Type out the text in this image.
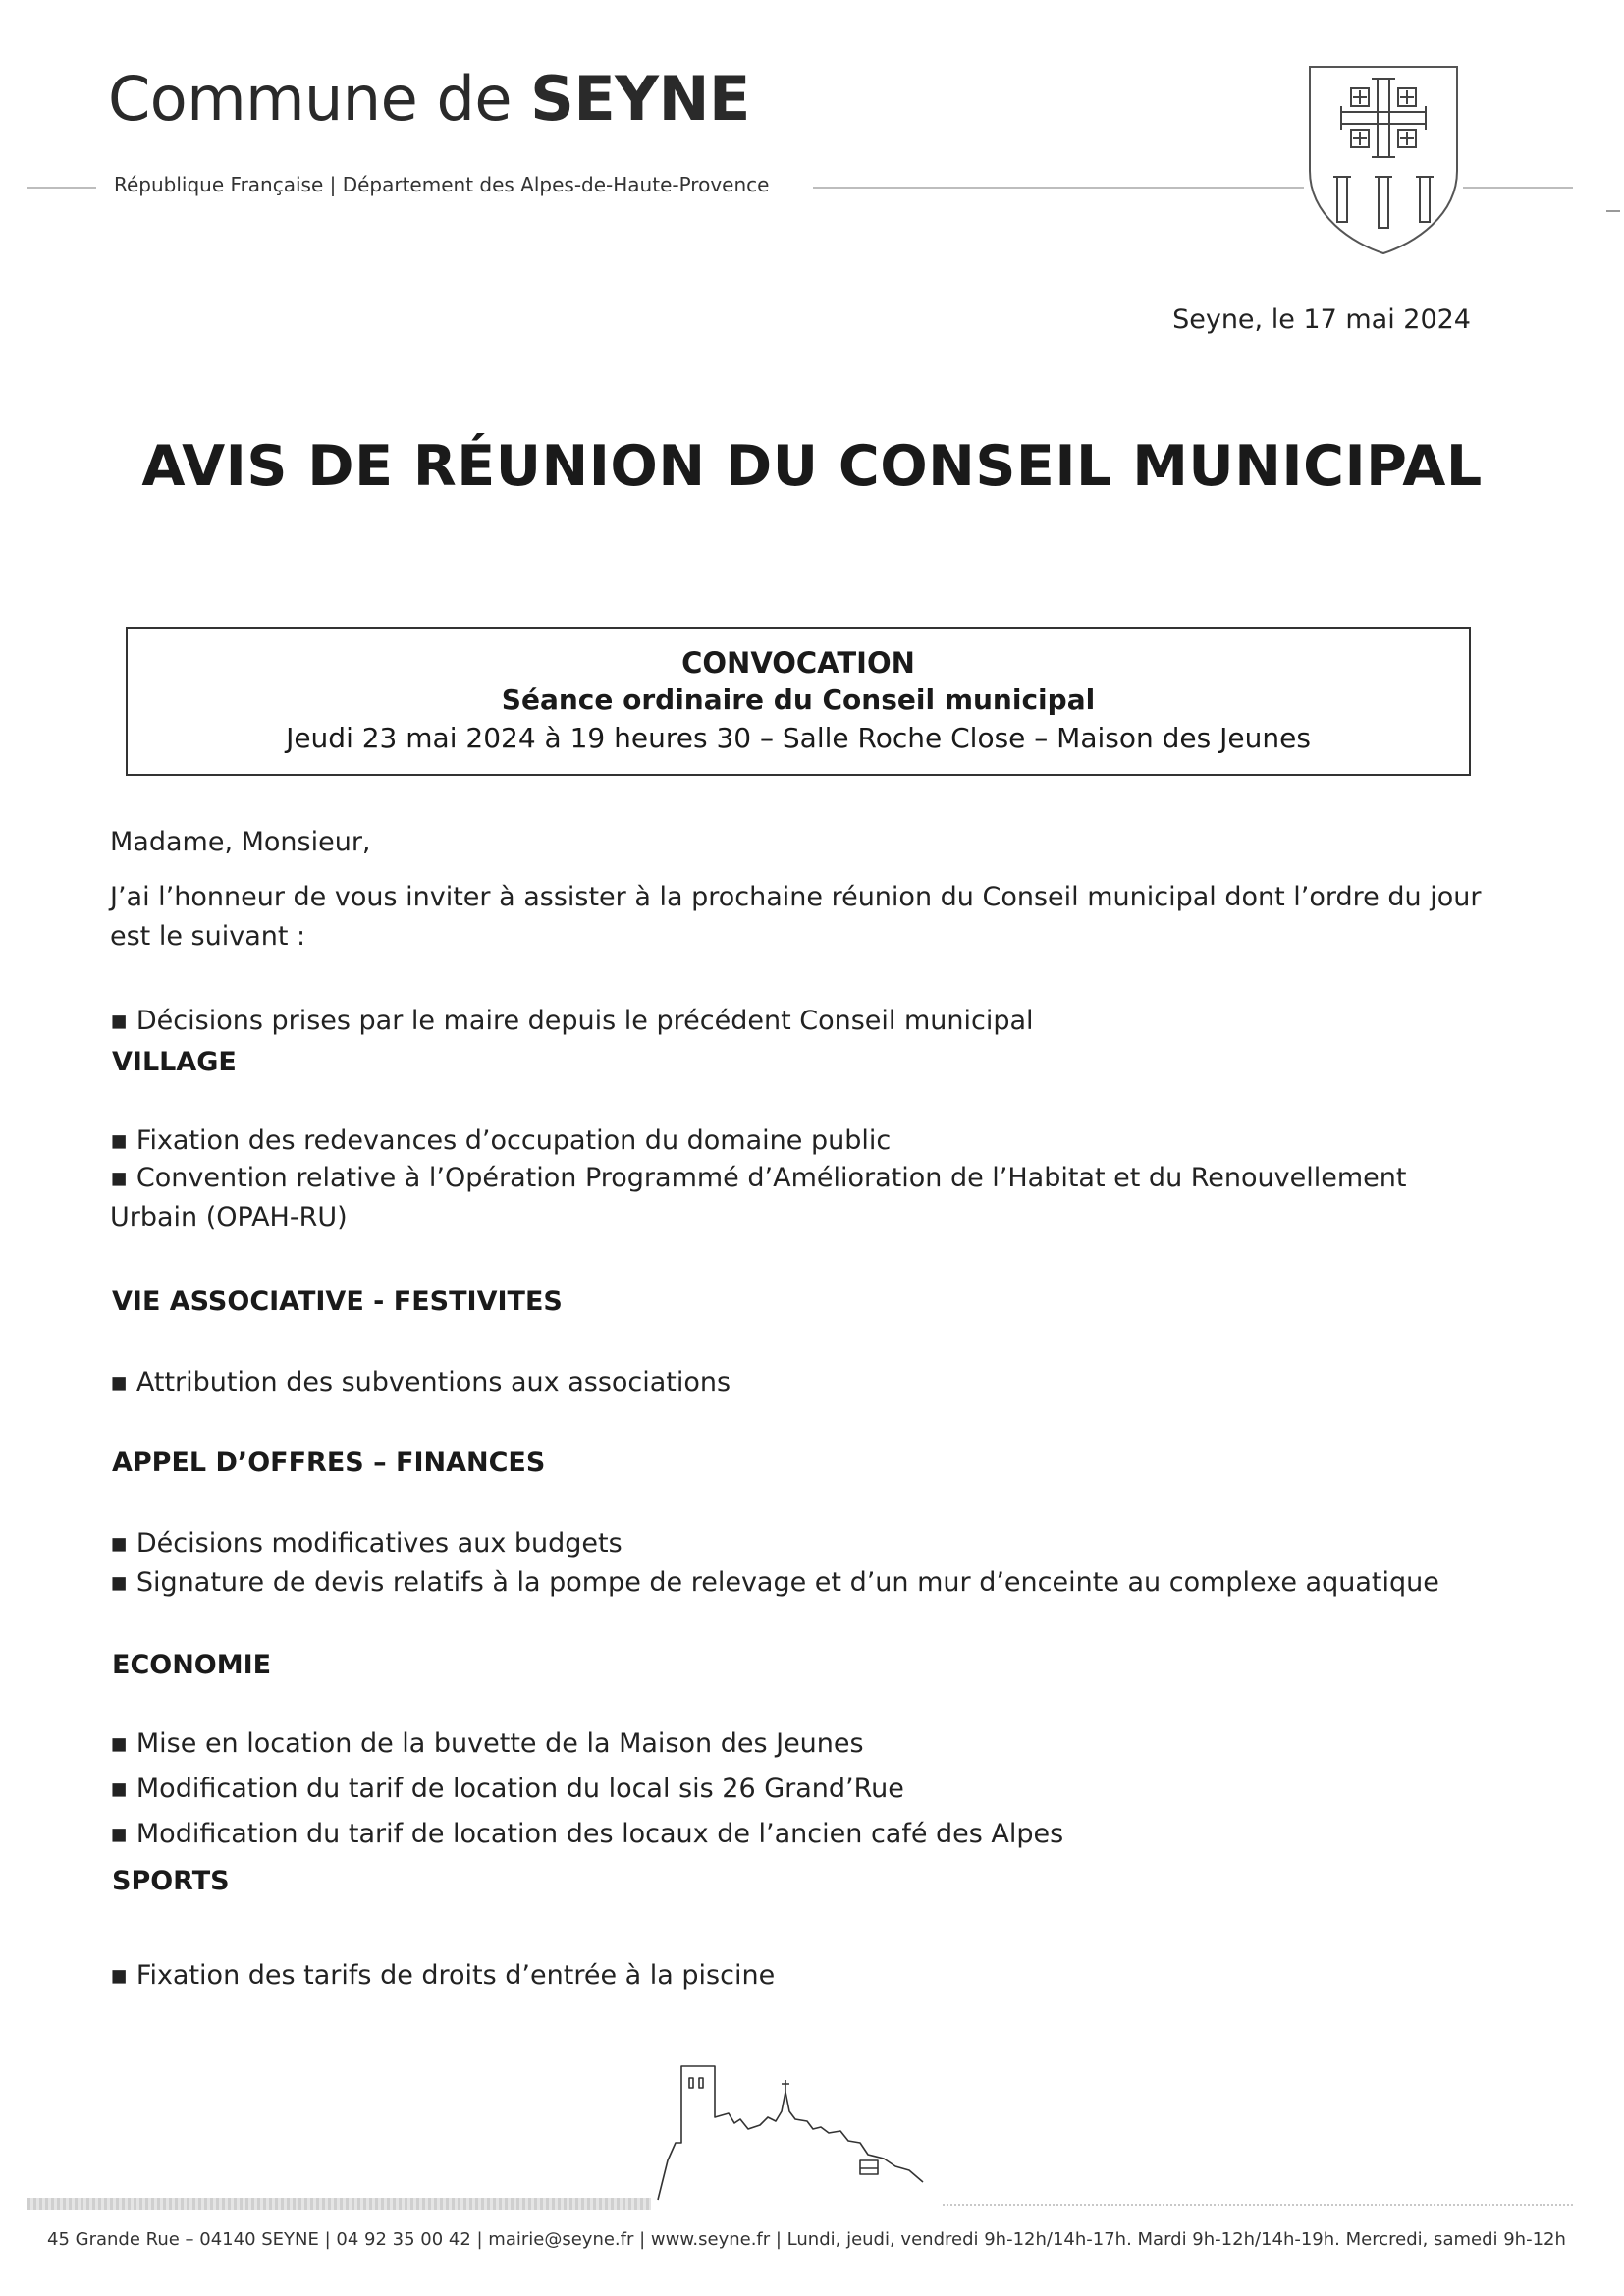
Commune de SEYNE
République Française | Département des Alpes-de-Haute-Provence
Seyne, le 17 mai 2024
AVIS DE RÉUNION DU CONSEIL MUNICIPAL
CONVOCATION
Séance ordinaire du Conseil municipal
Jeudi 23 mai 2024 à 19 heures 30 – Salle Roche Close – Maison des Jeunes
Madame, Monsieur,
J’ai l’honneur de vous inviter à assister à la prochaine réunion du Conseil municipal dont l’ordre du jour est le suivant :
▪ Décisions prises par le maire depuis le précédent Conseil municipal
VILLAGE
▪ Fixation des redevances d’occupation du domaine public
▪ Convention relative à l’Opération Programmé d’Amélioration de l’Habitat et du Renouvellement Urbain (OPAH-RU)
VIE ASSOCIATIVE - FESTIVITES
▪ Attribution des subventions aux associations
APPEL D’OFFRES – FINANCES
▪ Décisions modificatives aux budgets
▪ Signature de devis relatifs à la pompe de relevage et d’un mur d’enceinte au complexe aquatique
ECONOMIE
▪ Mise en location de la buvette de la Maison des Jeunes
▪ Modification du tarif de location du local sis 26 Grand’Rue
▪ Modification du tarif de location des locaux de l’ancien café des Alpes
SPORTS
▪ Fixation des tarifs de droits d’entrée à la piscine
45 Grande Rue – 04140 SEYNE | 04 92 35 00 42 | mairie@seyne.fr | www.seyne.fr | Lundi, jeudi, vendredi 9h-12h/14h-17h. Mardi 9h-12h/14h-19h. Mercredi, samedi 9h-12h
